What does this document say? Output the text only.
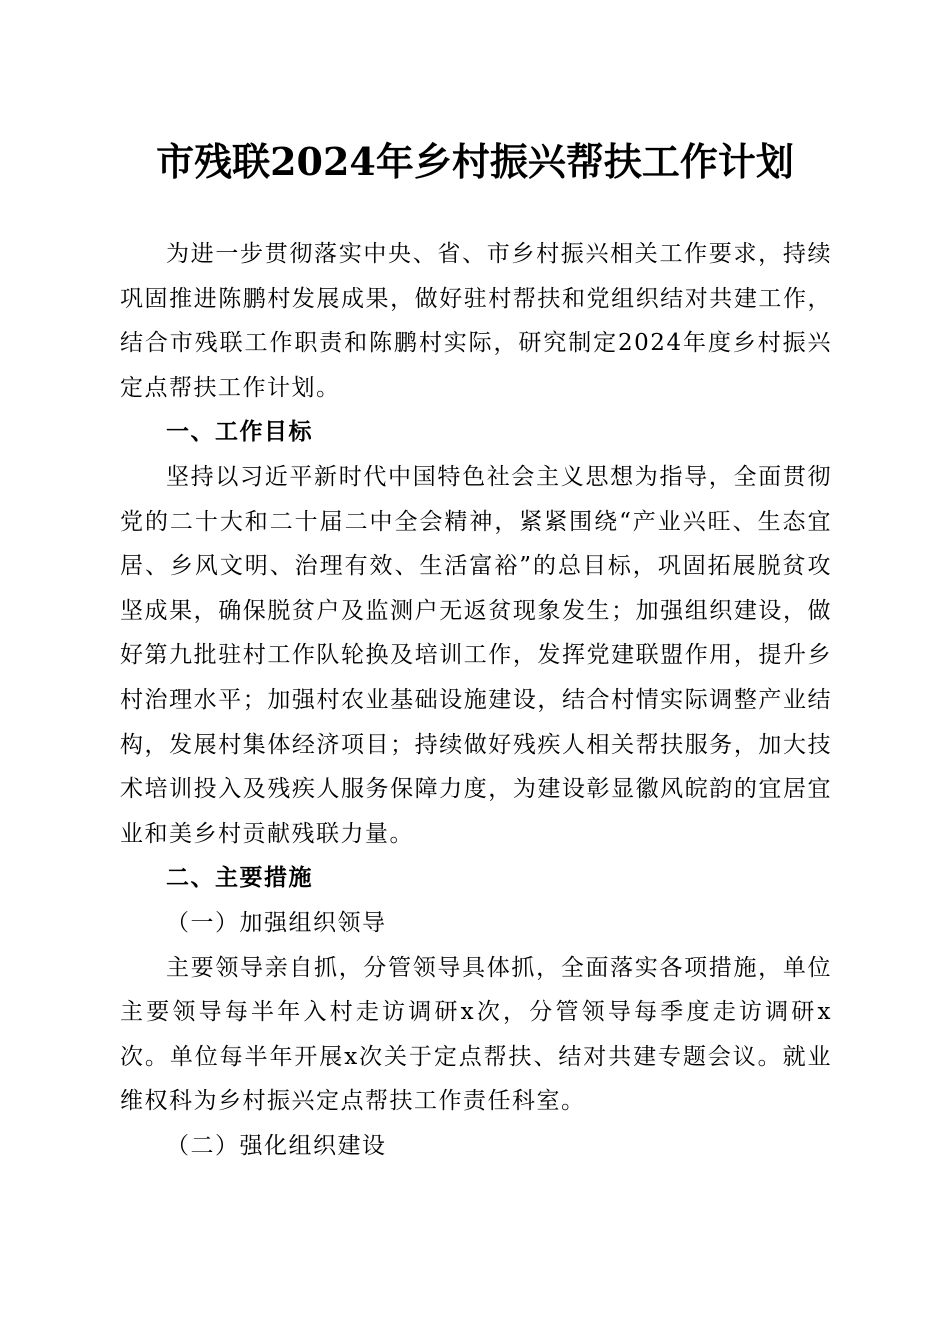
市残联2024年乡村振兴帮扶工作计划

为进一步贯彻落实中央、省、市乡村振兴相关工作要求，持续巩固推进陈鹏村发展成果，做好驻村帮扶和党组织结对共建工作，结合市残联工作职责和陈鹏村实际，研究制定2024年度乡村振兴定点帮扶工作计划。

一、工作目标

坚持以习近平新时代中国特色社会主义思想为指导，全面贯彻党的二十大和二十届二中全会精神，紧紧围绕“产业兴旺、生态宜居、乡风文明、治理有效、生活富裕”的总目标，巩固拓展脱贫攻坚成果，确保脱贫户及监测户无返贫现象发生；加强组织建设，做好第九批驻村工作队轮换及培训工作，发挥党建联盟作用，提升乡村治理水平；加强村农业基础设施建设，结合村情实际调整产业结构，发展村集体经济项目；持续做好残疾人相关帮扶服务，加大技术培训投入及残疾人服务保障力度，为建设彰显徽风皖韵的宜居宜业和美乡村贡献残联力量。

二、主要措施

（一）加强组织领导

主要领导亲自抓，分管领导具体抓，全面落实各项措施，单位主要领导每半年入村走访调研x次，分管领导每季度走访调研x次。单位每半年开展x次关于定点帮扶、结对共建专题会议。就业维权科为乡村振兴定点帮扶工作责任科室。

（二）强化组织建设
